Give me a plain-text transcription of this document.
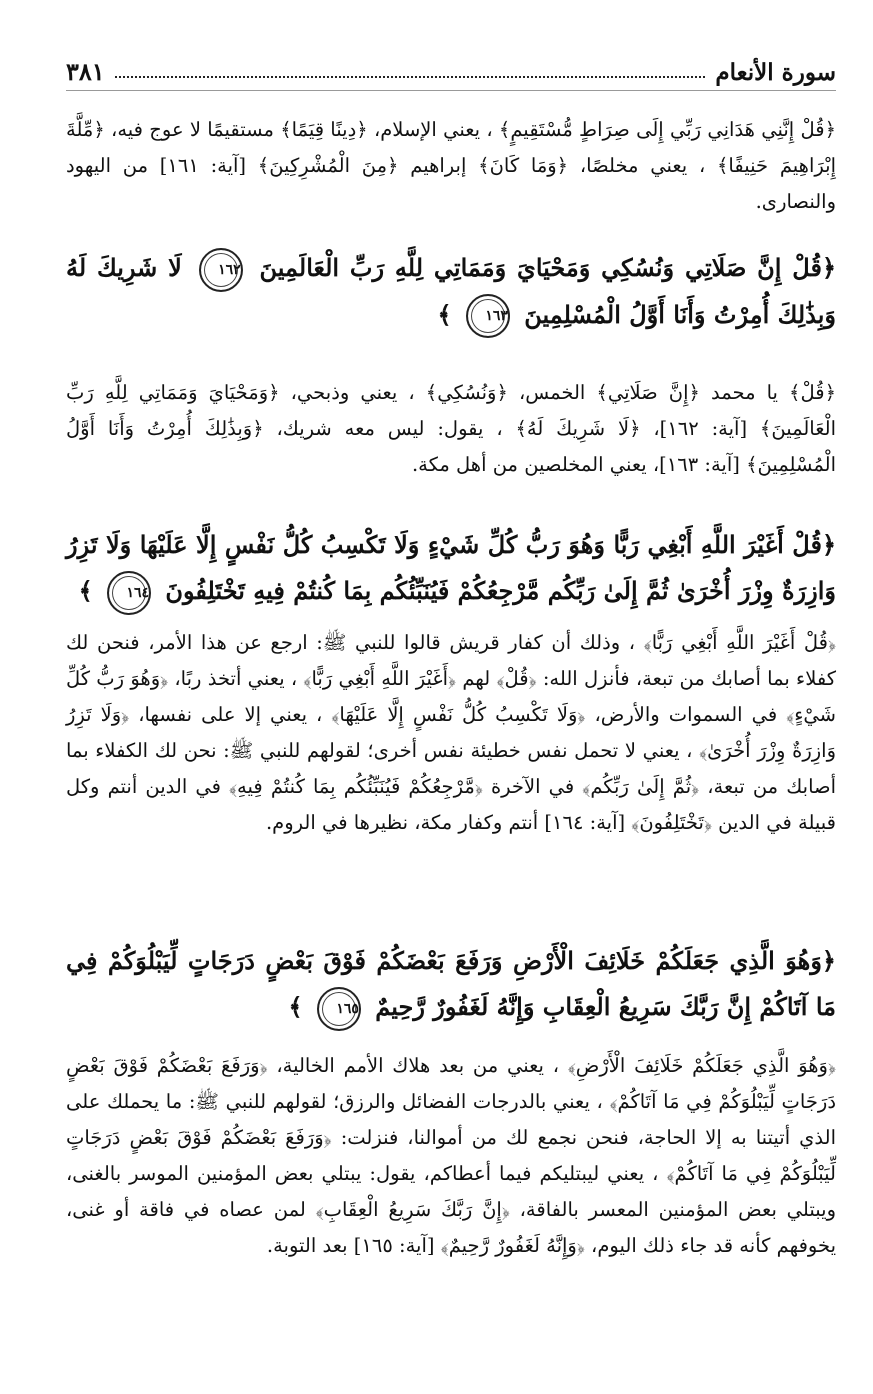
سورة الأنعام
٣٨١

﴿قُلْ إِنَّنِي هَدَانِي رَبِّي إِلَى صِرَاطٍ مُّسْتَقِيمٍ﴾ ، يعني الإسلام، ﴿دِينًا قِيَمًا﴾ مستقيمًا لا عوج فيه، ﴿مِّلَّةَ إِبْرَاهِيمَ حَنِيفًا﴾ ، يعني مخلصًا، ﴿وَمَا كَانَ﴾ إبراهيم ﴿مِنَ الْمُشْرِكِينَ﴾ [آية: ١٦١] من اليهود والنصارى.

﴿قُلْ إِنَّ صَلَاتِي وَنُسُكِي وَمَحْيَايَ وَمَمَاتِي لِلَّهِ رَبِّ الْعَالَمِينَ ١٦٢ لَا شَرِيكَ لَهُ وَبِذَٰلِكَ أُمِرْتُ وَأَنَا أَوَّلُ الْمُسْلِمِينَ ١٦٣ ﴾

﴿قُلْ﴾ يا محمد ﴿إِنَّ صَلَاتِي﴾ الخمس، ﴿وَنُسُكِي﴾ ، يعني وذبحي، ﴿وَمَحْيَايَ وَمَمَاتِي لِلَّهِ رَبِّ الْعَالَمِينَ﴾ [آية: ١٦٢]، ﴿لَا شَرِيكَ لَهُ﴾ ، يقول: ليس معه شريك، ﴿وَبِذَٰلِكَ أُمِرْتُ وَأَنَا أَوَّلُ الْمُسْلِمِينَ﴾ [آية: ١٦٣]، يعني المخلصين من أهل مكة.

﴿قُلْ أَغَيْرَ اللَّهِ أَبْغِي رَبًّا وَهُوَ رَبُّ كُلِّ شَيْءٍ وَلَا تَكْسِبُ كُلُّ نَفْسٍ إِلَّا عَلَيْهَا وَلَا تَزِرُ وَازِرَةٌ وِزْرَ أُخْرَىٰ ثُمَّ إِلَىٰ رَبِّكُم مَّرْجِعُكُمْ فَيُنَبِّئُكُم بِمَا كُنتُمْ فِيهِ تَخْتَلِفُونَ ١٦٤ ﴾

﴿قُلْ أَغَيْرَ اللَّهِ أَبْغِي رَبًّا﴾ ، وذلك أن كفار قريش قالوا للنبي ﷺ: ارجع عن هذا الأمر، فنحن لك كفلاء بما أصابك من تبعة، فأنزل الله: ﴿قُلْ﴾ لهم ﴿أَغَيْرَ اللَّهِ أَبْغِي رَبًّا﴾ ، يعني أتخذ ربًا، ﴿وَهُوَ رَبُّ كُلِّ شَيْءٍ﴾ في السموات والأرض، ﴿وَلَا تَكْسِبُ كُلُّ نَفْسٍ إِلَّا عَلَيْهَا﴾ ، يعني إلا على نفسها، ﴿وَلَا تَزِرُ وَازِرَةٌ وِزْرَ أُخْرَىٰ﴾ ، يعني لا تحمل نفس خطيئة نفس أخرى؛ لقولهم للنبي ﷺ: نحن لك الكفلاء بما أصابك من تبعة، ﴿ثُمَّ إِلَىٰ رَبِّكُم﴾ في الآخرة ﴿مَّرْجِعُكُمْ فَيُنَبِّئُكُم بِمَا كُنتُمْ فِيهِ﴾ في الدين أنتم وكل قبيلة في الدين ﴿تَخْتَلِفُونَ﴾ [آية: ١٦٤] أنتم وكفار مكة، نظيرها في الروم.

﴿وَهُوَ الَّذِي جَعَلَكُمْ خَلَائِفَ الْأَرْضِ وَرَفَعَ بَعْضَكُمْ فَوْقَ بَعْضٍ دَرَجَاتٍ لِّيَبْلُوَكُمْ فِي مَا آتَاكُمْ إِنَّ رَبَّكَ سَرِيعُ الْعِقَابِ وَإِنَّهُ لَغَفُورٌ رَّحِيمٌ ١٦٥ ﴾

﴿وَهُوَ الَّذِي جَعَلَكُمْ خَلَائِفَ الْأَرْضِ﴾ ، يعني من بعد هلاك الأمم الخالية، ﴿وَرَفَعَ بَعْضَكُمْ فَوْقَ بَعْضٍ دَرَجَاتٍ لِّيَبْلُوَكُمْ فِي مَا آتَاكُمْ﴾ ، يعني بالدرجات الفضائل والرزق؛ لقولهم للنبي ﷺ: ما يحملك على الذي أتيتنا به إلا الحاجة، فنحن نجمع لك من أموالنا، فنزلت: ﴿وَرَفَعَ بَعْضَكُمْ فَوْقَ بَعْضٍ دَرَجَاتٍ لِّيَبْلُوَكُمْ فِي مَا آتَاكُمْ﴾ ، يعني ليبتليكم فيما أعطاكم، يقول: يبتلي بعض المؤمنين الموسر بالغنى، ويبتلي بعض المؤمنين المعسر بالفاقة، ﴿إِنَّ رَبَّكَ سَرِيعُ الْعِقَابِ﴾ لمن عصاه في فاقة أو غنى، يخوفهم كأنه قد جاء ذلك اليوم، ﴿وَإِنَّهُ لَغَفُورٌ رَّحِيمٌ﴾ [آية: ١٦٥] بعد التوبة.
